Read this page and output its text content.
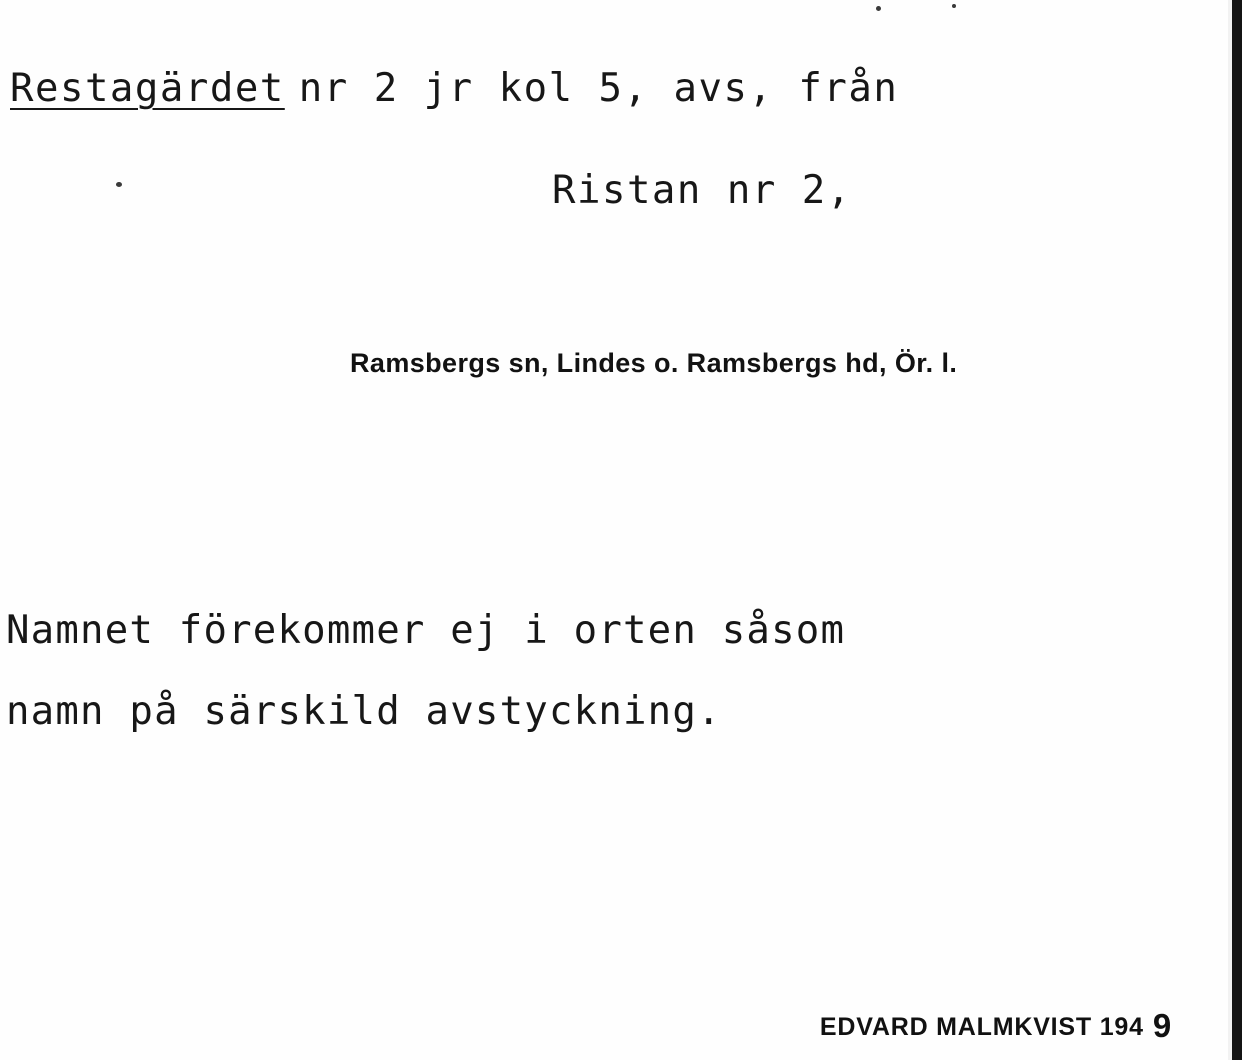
Restagärdet nr 2 jr kol 5, avs, från
Ristan nr 2,
Ramsbergs sn, Lindes o. Ramsbergs hd, Ör. l.
Namnet förekommer ej i orten såsom
namn på särskild avstyckning.
EDVARD MALMKVIST 194 9
